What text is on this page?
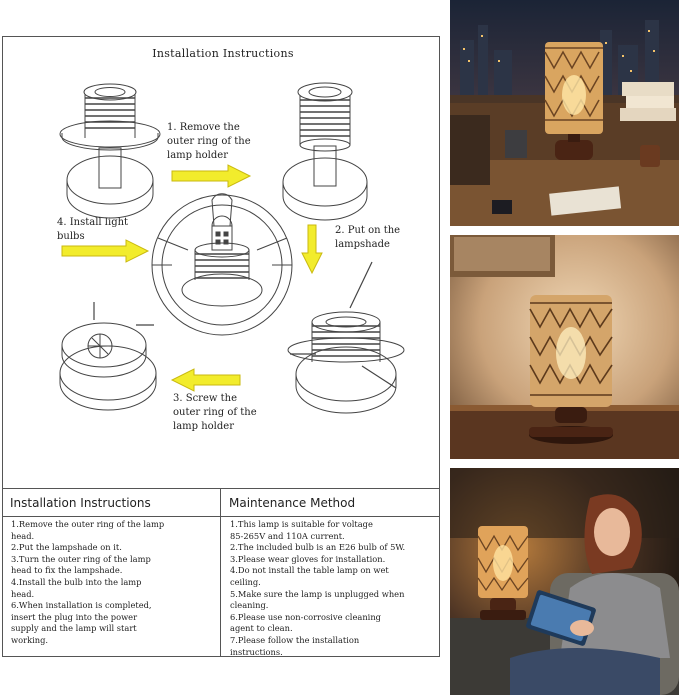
Installation Instructions
1. Remove the
outer ring of the
lamp holder
2. Put on the
lampshade
3. Screw the
outer ring of the
lamp holder
4. Install light
bulbs
Installation Instructions
1.Remove the outer ring of the lamp
head.
2.Put the lampshade on it.
3.Turn the outer ring of the lamp
head to fix the lampshade.
4.Install the bulb into the lamp
head.
6.When installation is completed,
insert the plug into the power
supply and the lamp will start
working.
Maintenance Method
1.This lamp is suitable for voltage
85-265V and 110A current.
2.The included bulb is an E26 bulb of 5W.
3.Please wear gloves for installation.
4.Do not install the table lamp on wet
ceiling.
5.Make sure the lamp is unplugged when
cleaning.
6.Please use non-corrosive cleaning
agent to clean.
7.Please follow the installation
instructions.
